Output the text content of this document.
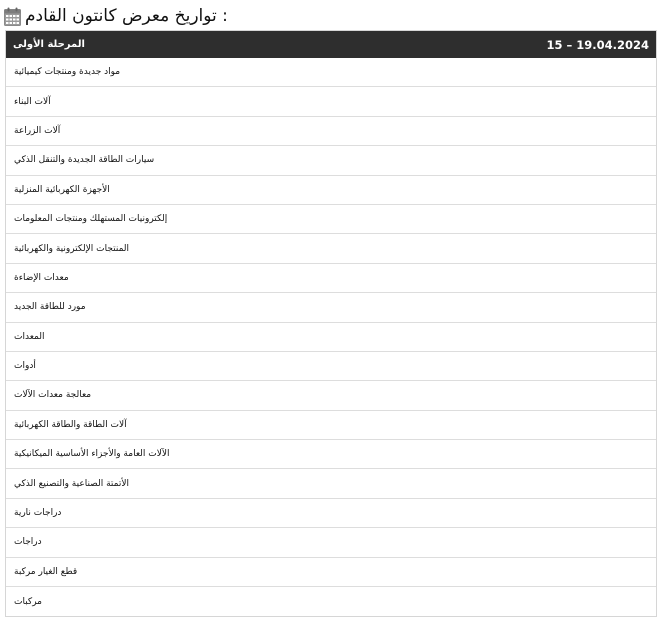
: تواريخ معرض كانتون القادم
المرحلة الأولى	15 – 19.04.2024
مواد جديدة ومنتجات كيميائية
آلات البناء
آلات الزراعة
سيارات الطاقة الجديدة والتنقل الذكي
الأجهزة الكهربائية المنزلية
إلكترونيات المستهلك ومنتجات المعلومات
المنتجات الإلكترونية والكهربائية
معدات الإضاءة
مورد للطاقة الجديد
المعدات
أدوات
معالجة معدات الآلات
آلات الطاقة والطاقة الكهربائية
الآلات العامة والأجزاء الأساسية الميكانيكية
الأتمتة الصناعية والتصنيع الذكي
دراجات نارية
دراجات
قطع الغيار مركبة
مركبات
